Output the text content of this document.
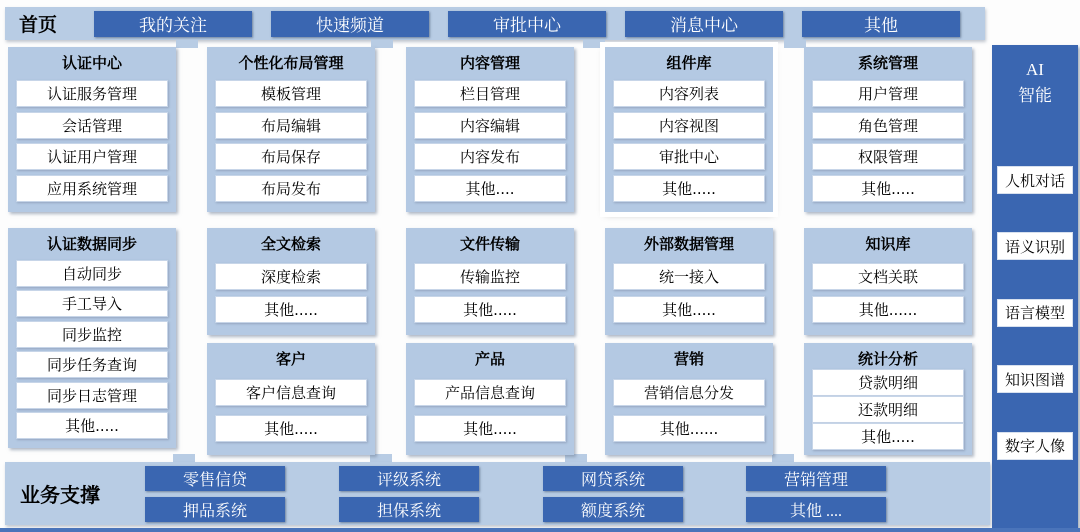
首页	我的关注	快速频道	审批中心	消息中心	其他
认证中心
认证服务管理
会话管理
认证用户管理
应用系统管理
认证数据同步
自动同步
手工导入
同步监控
同步任务查询
同步日志管理
其他.....
个性化布局管理
模板管理
布局编辑
布局保存
布局发布
全文检索
深度检索
其他.....
客户
客户信息查询
其他.....
内容管理
栏目管理
内容编辑
内容发布
其他....
文件传输
传输监控
其他.....
产品
产品信息查询
其他.....
组件库
内容列表
内容视图
审批中心
其他.....
外部数据管理
统一接入
其他.....
营销
营销信息分发
其他......
系统管理
用户管理
角色管理
权限管理
其他.....
知识库
文档关联
其他......
统计分析
贷款明细
还款明细
其他.....
AI
智能
人机对话
语义识别
语言模型
知识图谱
数字人像
业务支撑
零售信贷
押品系统
评级系统
担保系统
网贷系统
额度系统
营销管理
其他 ....
